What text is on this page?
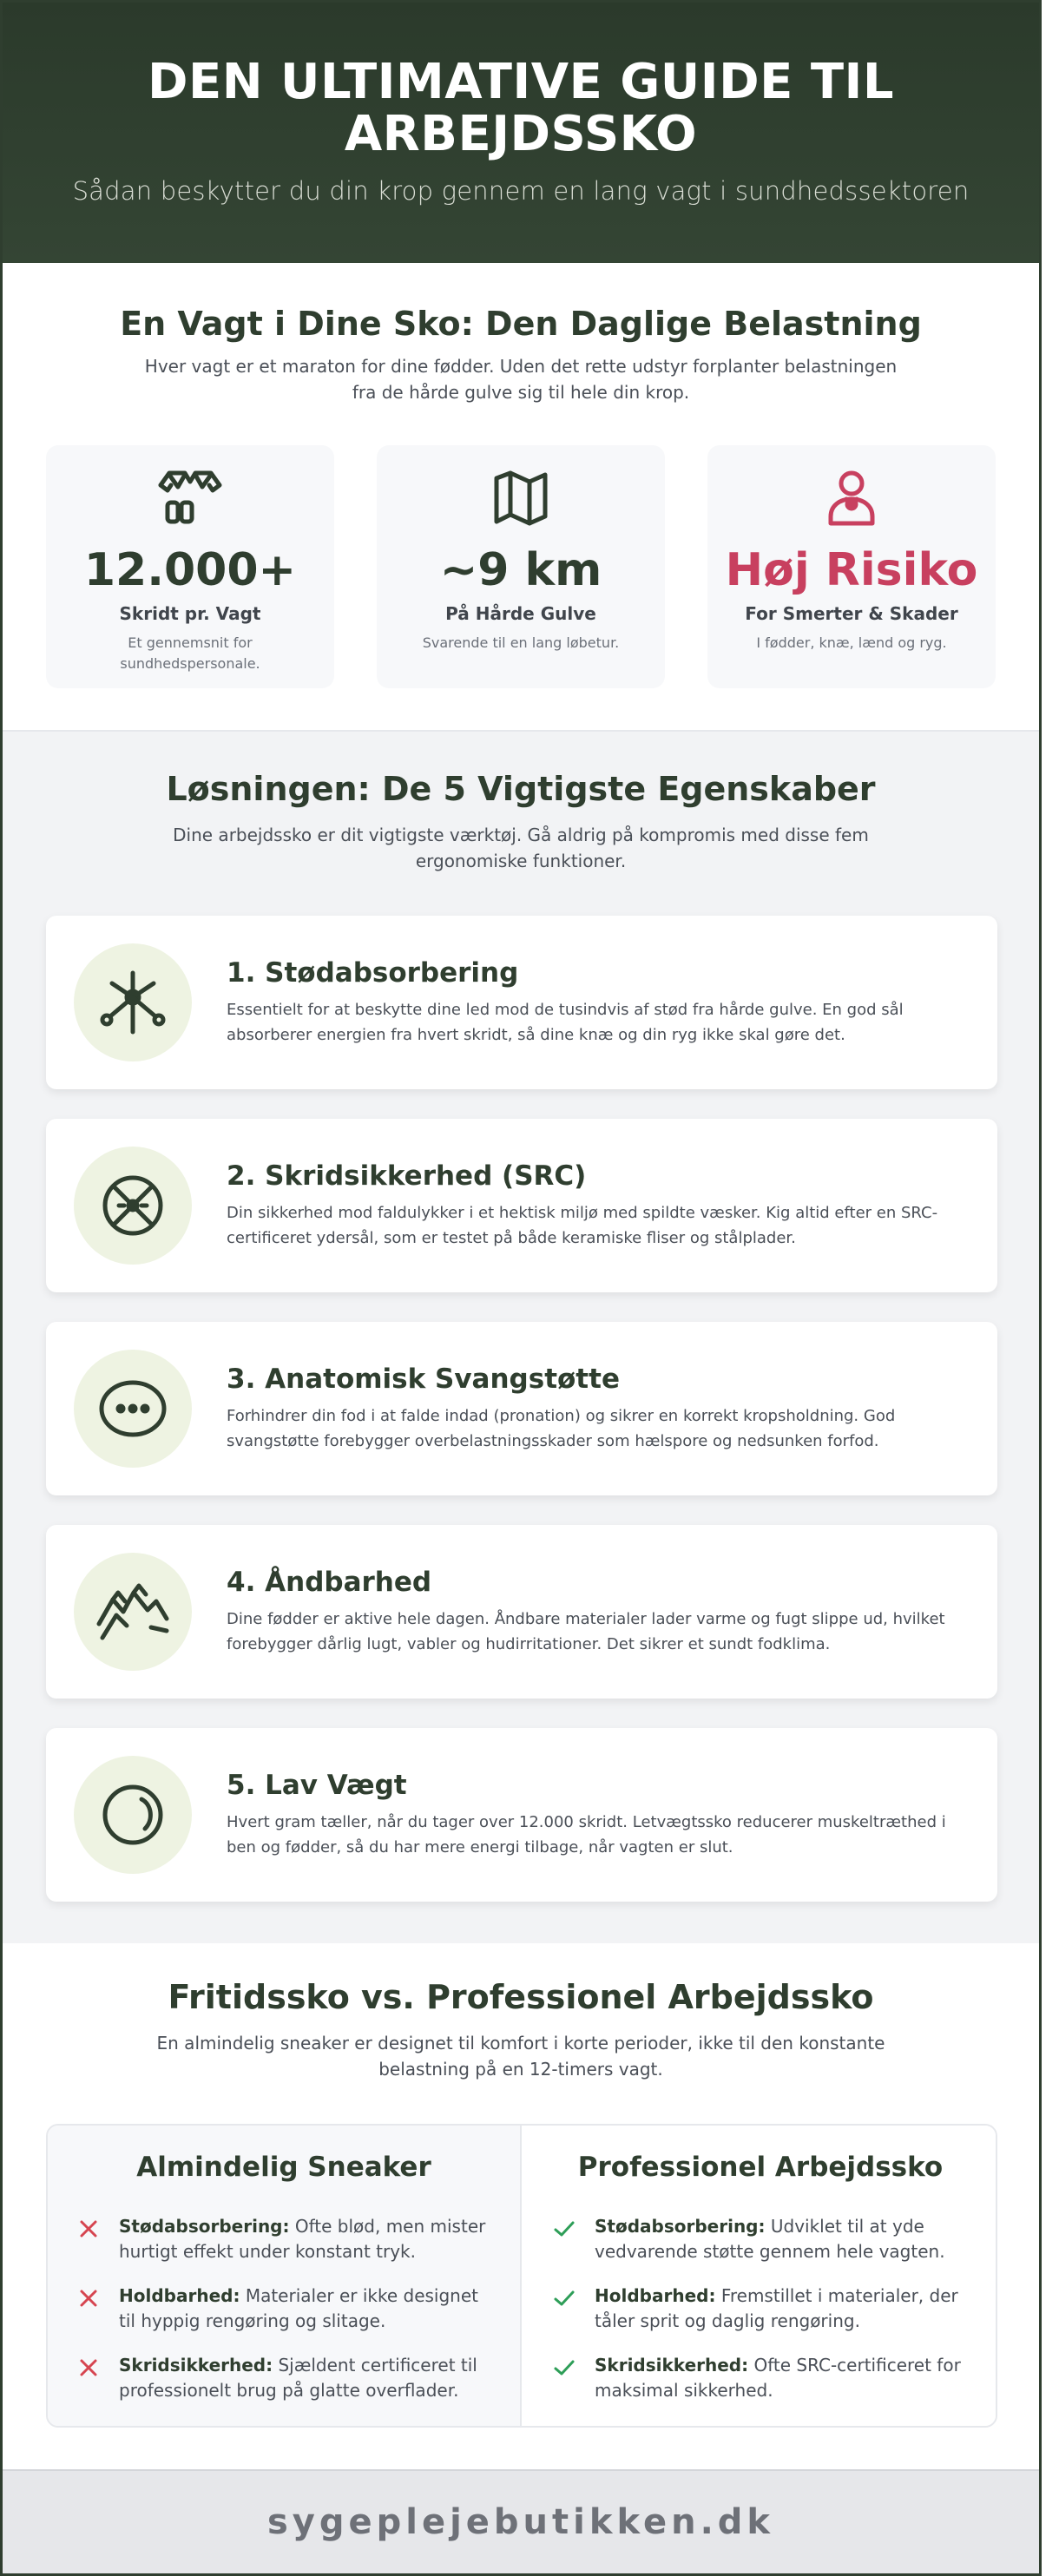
DEN ULTIMATIVE GUIDE TIL ARBEJDSSKO

Sådan beskytter du din krop gennem en lang vagt i sundhedssektoren

En Vagt i Dine Sko: Den Daglige Belastning

Hver vagt er et maraton for dine fødder. Uden det rette udstyr forplanter belastningen fra de hårde gulve sig til hele din krop.

12.000+
Skridt pr. Vagt
Et gennemsnit for sundhedspersonale.
~9 km
På Hårde Gulve
Svarende til en lang løbetur.
Høj Risiko
For Smerter & Skader
I fødder, knæ, lænd og ryg.
Løsningen: De 5 Vigtigste Egenskaber

Dine arbejdssko er dit vigtigste værktøj. Gå aldrig på kompromis med disse fem ergonomiske funktioner.

1. Stødabsorbering

Essentielt for at beskytte dine led mod de tusindvis af stød fra hårde gulve. En god sål absorberer energien fra hvert skridt, så dine knæ og din ryg ikke skal gøre det.

2. Skridsikkerhed (SRC)

Din sikkerhed mod faldulykker i et hektisk miljø med spildte væsker. Kig altid efter en SRC-certificeret ydersål, som er testet på både keramiske fliser og stålplader.

3. Anatomisk Svangstøtte

Forhindrer din fod i at falde indad (pronation) og sikrer en korrekt kropsholdning. God svangstøtte forebygger overbelastningsskader som hælspore og nedsunken forfod.

4. Åndbarhed

Dine fødder er aktive hele dagen. Åndbare materialer lader varme og fugt slippe ud, hvilket forebygger dårlig lugt, vabler og hudirritationer. Det sikrer et sundt fodklima.

5. Lav Vægt

Hvert gram tæller, når du tager over 12.000 skridt. Letvægtssko reducerer muskeltræthed i ben og fødder, så du har mere energi tilbage, når vagten er slut.

Fritidssko vs. Professionel Arbejdssko

En almindelig sneaker er designet til komfort i korte perioder, ikke til den konstante belastning på en 12-timers vagt.

Almindelig Sneaker

Stødabsorbering: Ofte blød, men mister hurtigt effekt under konstant tryk.

Holdbarhed: Materialer er ikke designet til hyppig rengøring og slitage.

Skridsikkerhed: Sjældent certificeret til professionelt brug på glatte overflader.

Professionel Arbejdssko

Stødabsorbering: Udviklet til at yde vedvarende støtte gennem hele vagten.

Holdbarhed: Fremstillet i materialer, der tåler sprit og daglig rengøring.

Skridsikkerhed: Ofte SRC-certificeret for maksimal sikkerhed.

sygeplejebutikken.dk
